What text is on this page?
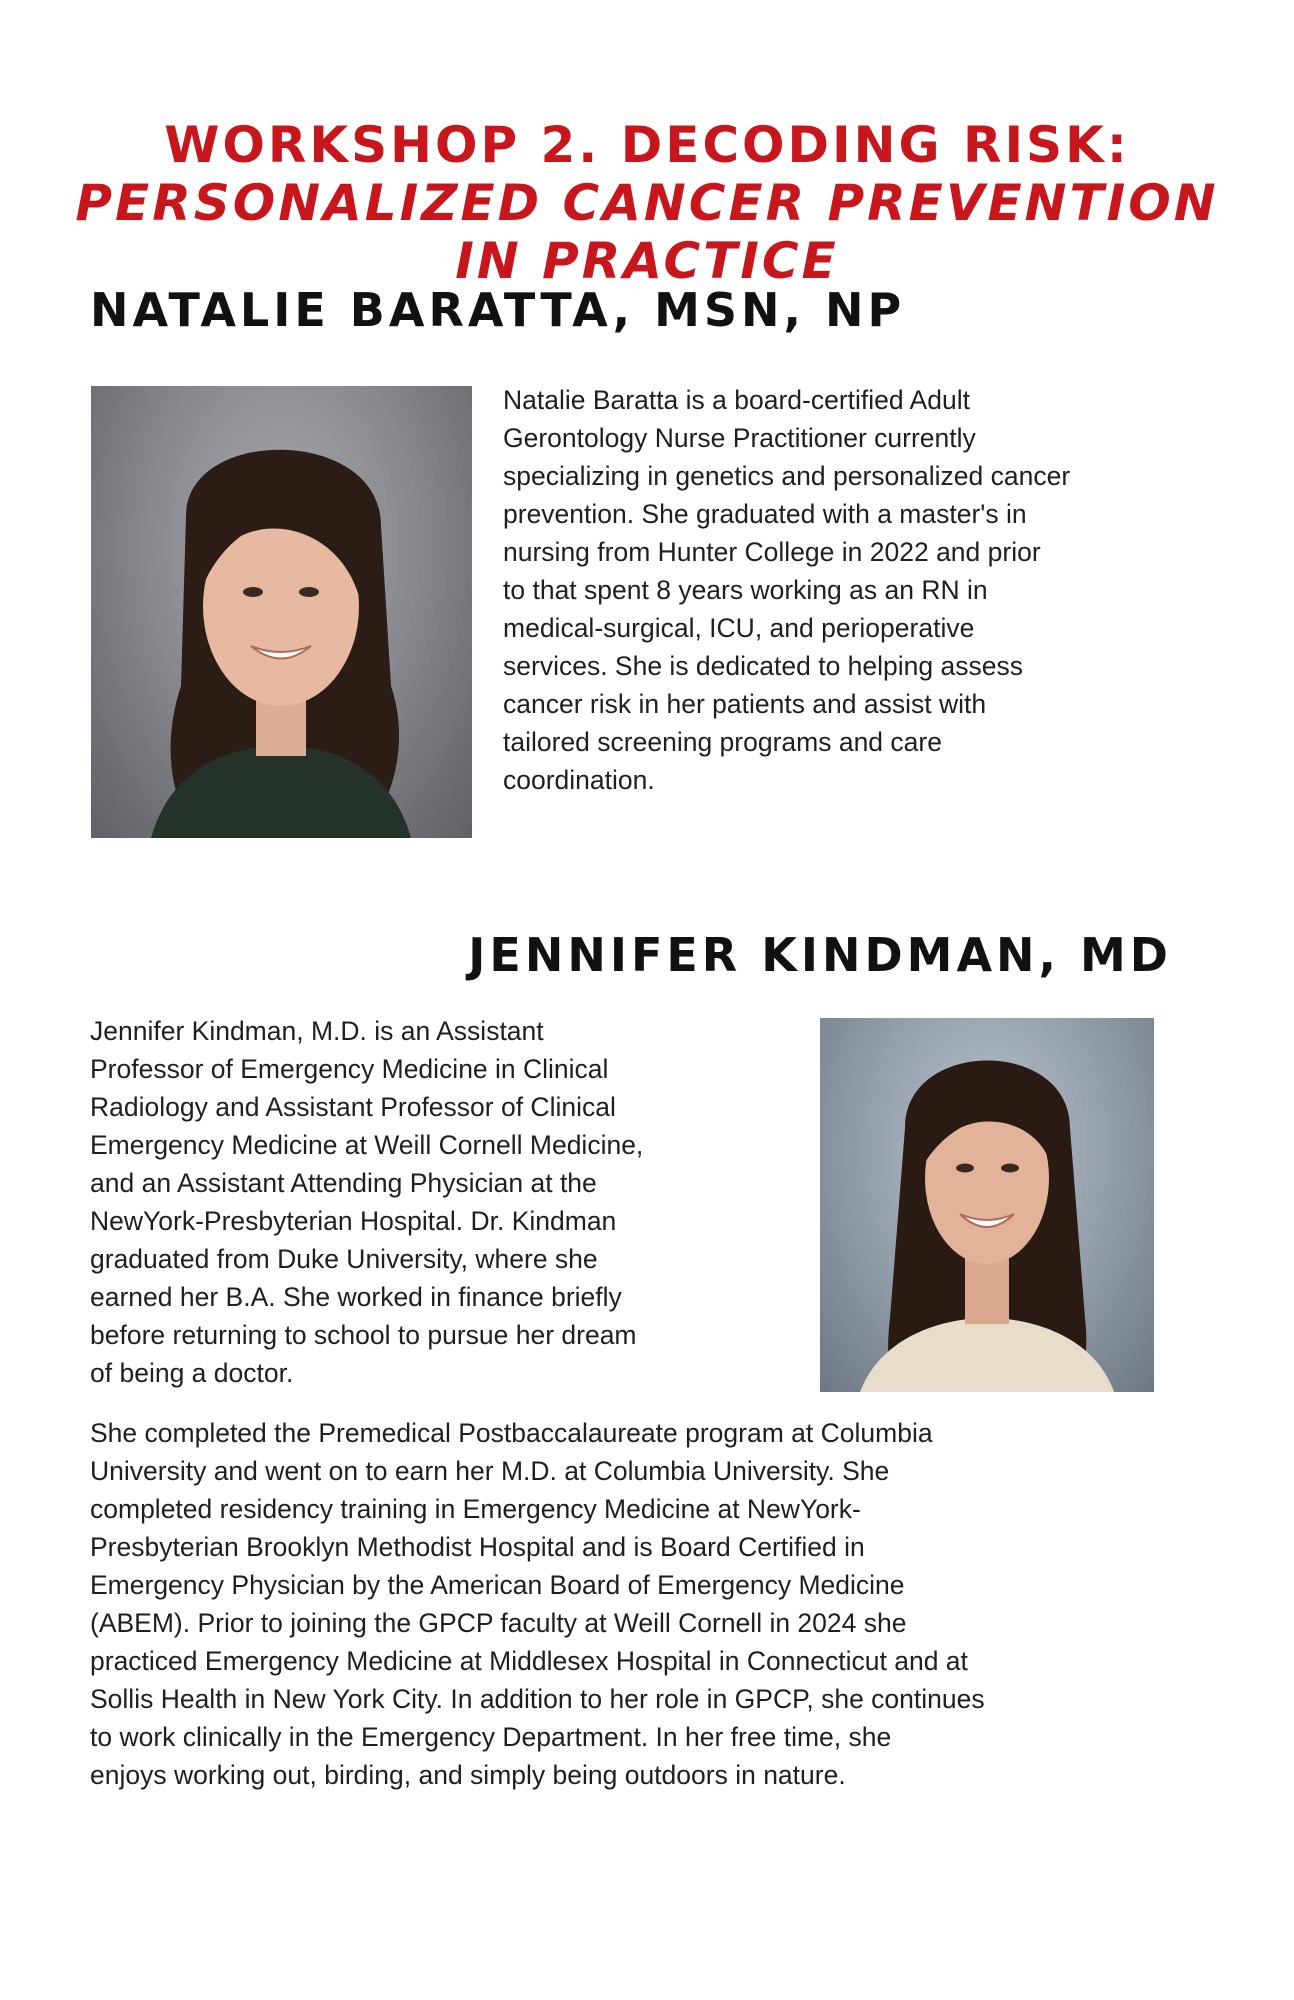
WORKSHOP 2. DECODING RISK:
PERSONALIZED CANCER PREVENTION
IN PRACTICE
NATALIE BARATTA, MSN, NP

Natalie Baratta is a board-certified Adult
Gerontology Nurse Practitioner currently
specializing in genetics and personalized cancer
prevention. She graduated with a master's in
nursing from Hunter College in 2022 and prior
to that spent 8 years working as an RN in
medical-surgical, ICU, and perioperative
services. She is dedicated to helping assess
cancer risk in her patients and assist with
tailored screening programs and care
coordination.

JENNIFER KINDMAN, MD

Jennifer Kindman, M.D. is an Assistant
Professor of Emergency Medicine in Clinical
Radiology and Assistant Professor of Clinical
Emergency Medicine at Weill Cornell Medicine,
and an Assistant Attending Physician at the
NewYork-Presbyterian Hospital. Dr. Kindman
graduated from Duke University, where she
earned her B.A. She worked in finance briefly
before returning to school to pursue her dream
of being a doctor.

She completed the Premedical Postbaccalaureate program at Columbia
University and went on to earn her M.D. at Columbia University. She
completed residency training in Emergency Medicine at NewYork-
Presbyterian Brooklyn Methodist Hospital and is Board Certified in
Emergency Physician by the American Board of Emergency Medicine
(ABEM). Prior to joining the GPCP faculty at Weill Cornell in 2024 she
practiced Emergency Medicine at Middlesex Hospital in Connecticut and at
Sollis Health in New York City. In addition to her role in GPCP, she continues
to work clinically in the Emergency Department. In her free time, she
enjoys working out, birding, and simply being outdoors in nature.
